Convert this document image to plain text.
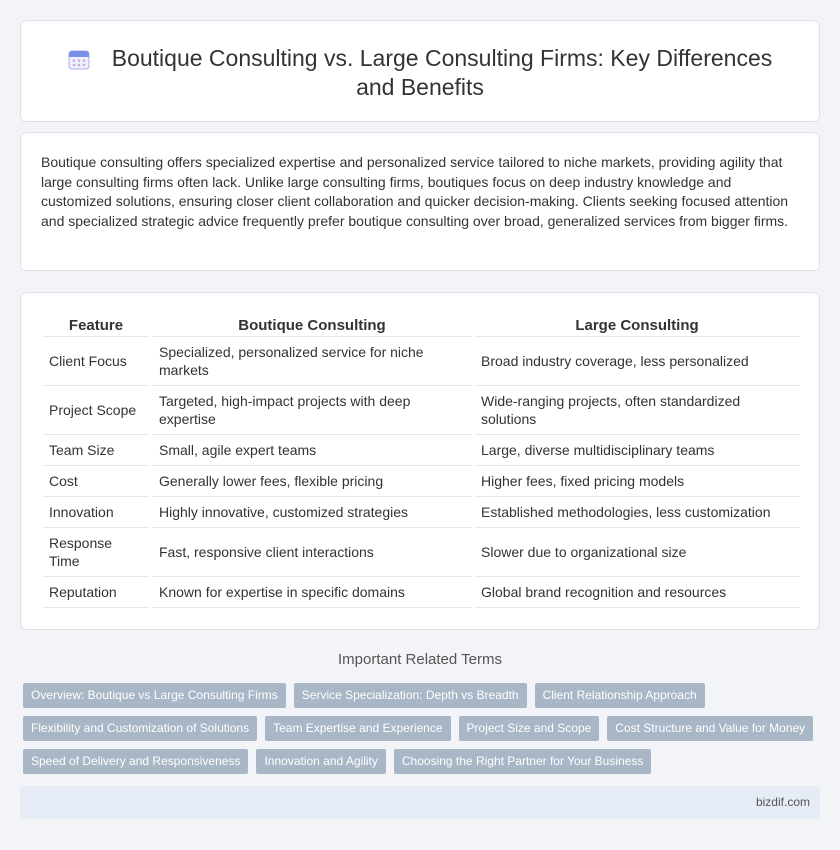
Boutique Consulting vs. Large Consulting Firms: Key Differences and Benefits

Boutique consulting offers specialized expertise and personalized service tailored to niche markets, providing agility that large consulting firms often lack. Unlike large consulting firms, boutiques focus on deep industry knowledge and customized solutions, ensuring closer client collaboration and quicker decision-making. Clients seeking focused attention and specialized strategic advice frequently prefer boutique consulting over broad, generalized services from bigger firms.

Feature	Boutique Consulting	Large Consulting
Client Focus	Specialized, personalized service for niche markets	Broad industry coverage, less personalized
Project Scope	Targeted, high-impact projects with deep expertise	Wide-ranging projects, often standardized solutions
Team Size	Small, agile expert teams	Large, diverse multidisciplinary teams
Cost	Generally lower fees, flexible pricing	Higher fees, fixed pricing models
Innovation	Highly innovative, customized strategies	Established methodologies, less customization
Response Time	Fast, responsive client interactions	Slower due to organizational size
Reputation	Known for expertise in specific domains	Global brand recognition and resources
Important Related Terms
Overview: Boutique vs Large Consulting Firms	Service Specialization: Depth vs Breadth	Client Relationship Approach
Flexibility and Customization of Solutions	Team Expertise and Experience	Project Size and Scope	Cost Structure and Value for Money
Speed of Delivery and Responsiveness	Innovation and Agility	Choosing the Right Partner for Your Business
bizdif.com
